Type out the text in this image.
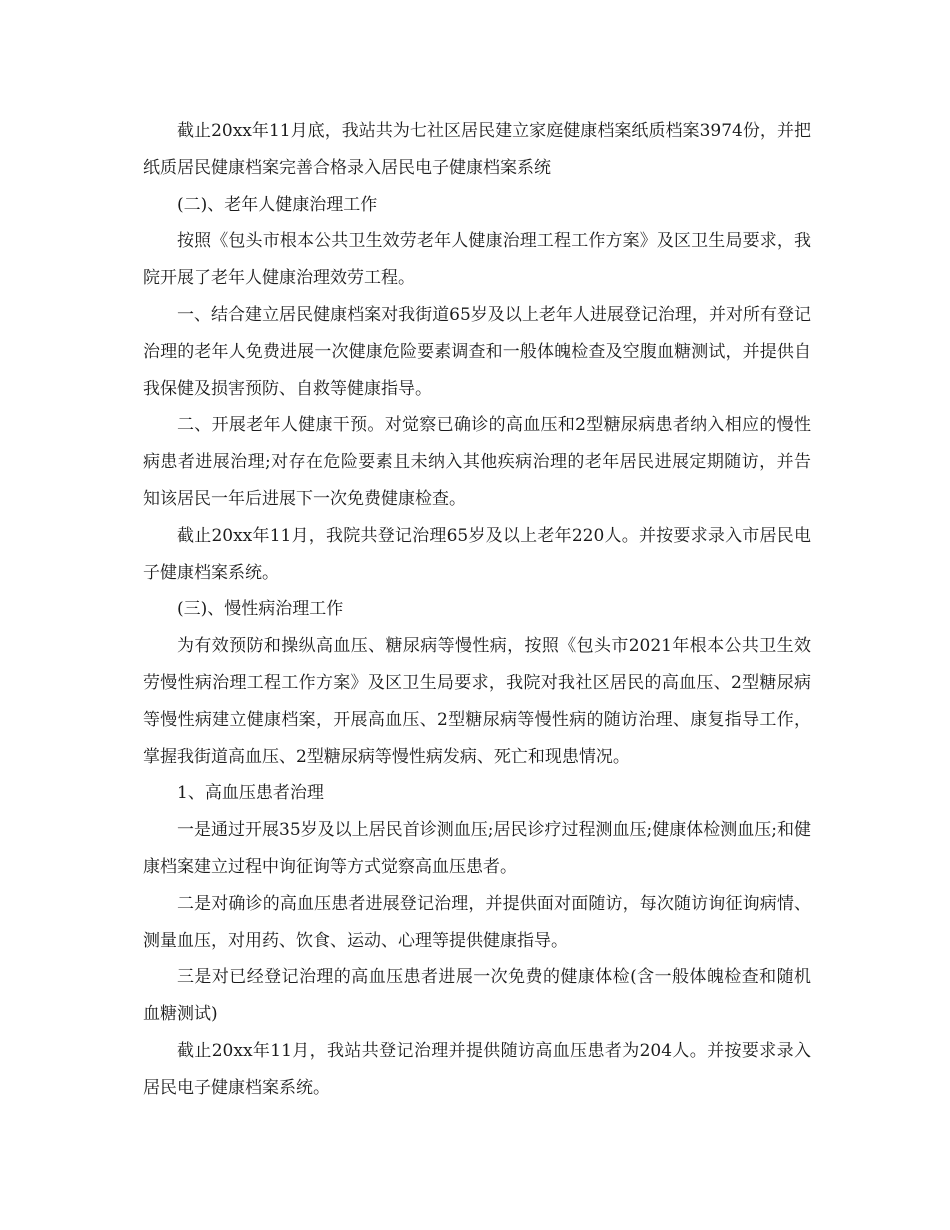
截止20xx年11月底，我站共为七社区居民建立家庭健康档案纸质档案3974份，并把纸质居民健康档案完善合格录入居民电子健康档案系统

(二)、老年人健康治理工作

按照《包头市根本公共卫生效劳老年人健康治理工程工作方案》及区卫生局要求，我院开展了老年人健康治理效劳工程。

一、结合建立居民健康档案对我街道65岁及以上老年人进展登记治理，并对所有登记治理的老年人免费进展一次健康危险要素调查和一般体魄检查及空腹血糖测试，并提供自我保健及损害预防、自救等健康指导。

二、开展老年人健康干预。对觉察已确诊的高血压和2型糖尿病患者纳入相应的慢性病患者进展治理;对存在危险要素且未纳入其他疾病治理的老年居民进展定期随访，并告知该居民一年后进展下一次免费健康检查。

截止20xx年11月，我院共登记治理65岁及以上老年220人。并按要求录入市居民电子健康档案系统。

(三)、慢性病治理工作

为有效预防和操纵高血压、糖尿病等慢性病，按照《包头市2021年根本公共卫生效劳慢性病治理工程工作方案》及区卫生局要求，我院对我社区居民的高血压、2型糖尿病等慢性病建立健康档案，开展高血压、2型糖尿病等慢性病的随访治理、康复指导工作，掌握我街道高血压、2型糖尿病等慢性病发病、死亡和现患情况。

1、高血压患者治理

一是通过开展35岁及以上居民首诊测血压;居民诊疗过程测血压;健康体检测血压;和健康档案建立过程中询征询等方式觉察高血压患者。

二是对确诊的高血压患者进展登记治理，并提供面对面随访，每次随访询征询病情、测量血压，对用药、饮食、运动、心理等提供健康指导。

三是对已经登记治理的高血压患者进展一次免费的健康体检(含一般体魄检查和随机血糖测试)

截止20xx年11月，我站共登记治理并提供随访高血压患者为204人。并按要求录入居民电子健康档案系统。
